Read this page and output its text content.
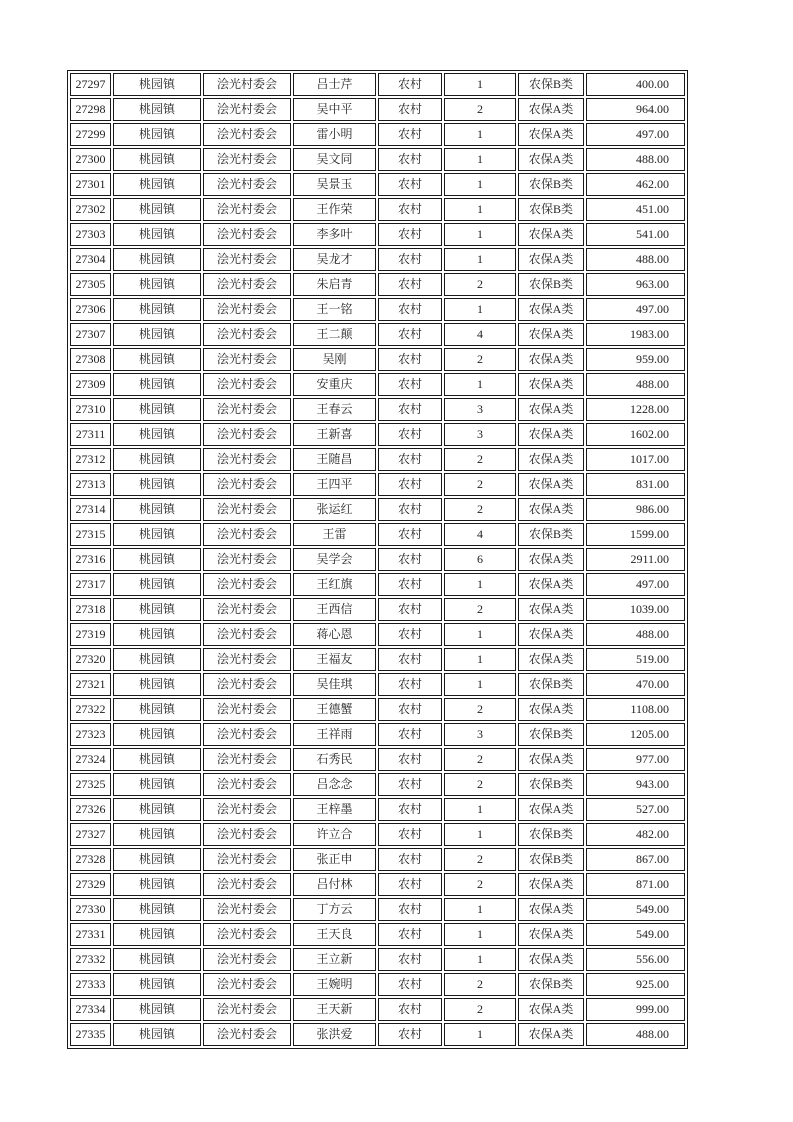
27297	桃园镇	浍光村委会	吕士芹	农村	1	农保B类	400.00
27298	桃园镇	浍光村委会	吴中平	农村	2	农保A类	964.00
27299	桃园镇	浍光村委会	雷小明	农村	1	农保A类	497.00
27300	桃园镇	浍光村委会	吴文同	农村	1	农保A类	488.00
27301	桃园镇	浍光村委会	吴景玉	农村	1	农保B类	462.00
27302	桃园镇	浍光村委会	王作荣	农村	1	农保B类	451.00
27303	桃园镇	浍光村委会	李多叶	农村	1	农保A类	541.00
27304	桃园镇	浍光村委会	吴龙才	农村	1	农保A类	488.00
27305	桃园镇	浍光村委会	朱启青	农村	2	农保B类	963.00
27306	桃园镇	浍光村委会	王一铭	农村	1	农保A类	497.00
27307	桃园镇	浍光村委会	王二颠	农村	4	农保A类	1983.00
27308	桃园镇	浍光村委会	吴刚	农村	2	农保A类	959.00
27309	桃园镇	浍光村委会	安重庆	农村	1	农保A类	488.00
27310	桃园镇	浍光村委会	王春云	农村	3	农保A类	1228.00
27311	桃园镇	浍光村委会	王新喜	农村	3	农保A类	1602.00
27312	桃园镇	浍光村委会	王随昌	农村	2	农保A类	1017.00
27313	桃园镇	浍光村委会	王四平	农村	2	农保A类	831.00
27314	桃园镇	浍光村委会	张运红	农村	2	农保A类	986.00
27315	桃园镇	浍光村委会	王雷	农村	4	农保B类	1599.00
27316	桃园镇	浍光村委会	吴学会	农村	6	农保A类	2911.00
27317	桃园镇	浍光村委会	王红旗	农村	1	农保A类	497.00
27318	桃园镇	浍光村委会	王西信	农村	2	农保A类	1039.00
27319	桃园镇	浍光村委会	蒋心恩	农村	1	农保A类	488.00
27320	桃园镇	浍光村委会	王福友	农村	1	农保A类	519.00
27321	桃园镇	浍光村委会	吴佳琪	农村	1	农保B类	470.00
27322	桃园镇	浍光村委会	王德蟹	农村	2	农保A类	1108.00
27323	桃园镇	浍光村委会	王祥雨	农村	3	农保B类	1205.00
27324	桃园镇	浍光村委会	石秀民	农村	2	农保A类	977.00
27325	桃园镇	浍光村委会	吕念念	农村	2	农保B类	943.00
27326	桃园镇	浍光村委会	王梓墨	农村	1	农保A类	527.00
27327	桃园镇	浍光村委会	许立合	农村	1	农保B类	482.00
27328	桃园镇	浍光村委会	张正申	农村	2	农保B类	867.00
27329	桃园镇	浍光村委会	吕付林	农村	2	农保A类	871.00
27330	桃园镇	浍光村委会	丁方云	农村	1	农保A类	549.00
27331	桃园镇	浍光村委会	王天良	农村	1	农保A类	549.00
27332	桃园镇	浍光村委会	王立新	农村	1	农保A类	556.00
27333	桃园镇	浍光村委会	王婉明	农村	2	农保B类	925.00
27334	桃园镇	浍光村委会	王天新	农村	2	农保A类	999.00
27335	桃园镇	浍光村委会	张洪爱	农村	1	农保A类	488.00
